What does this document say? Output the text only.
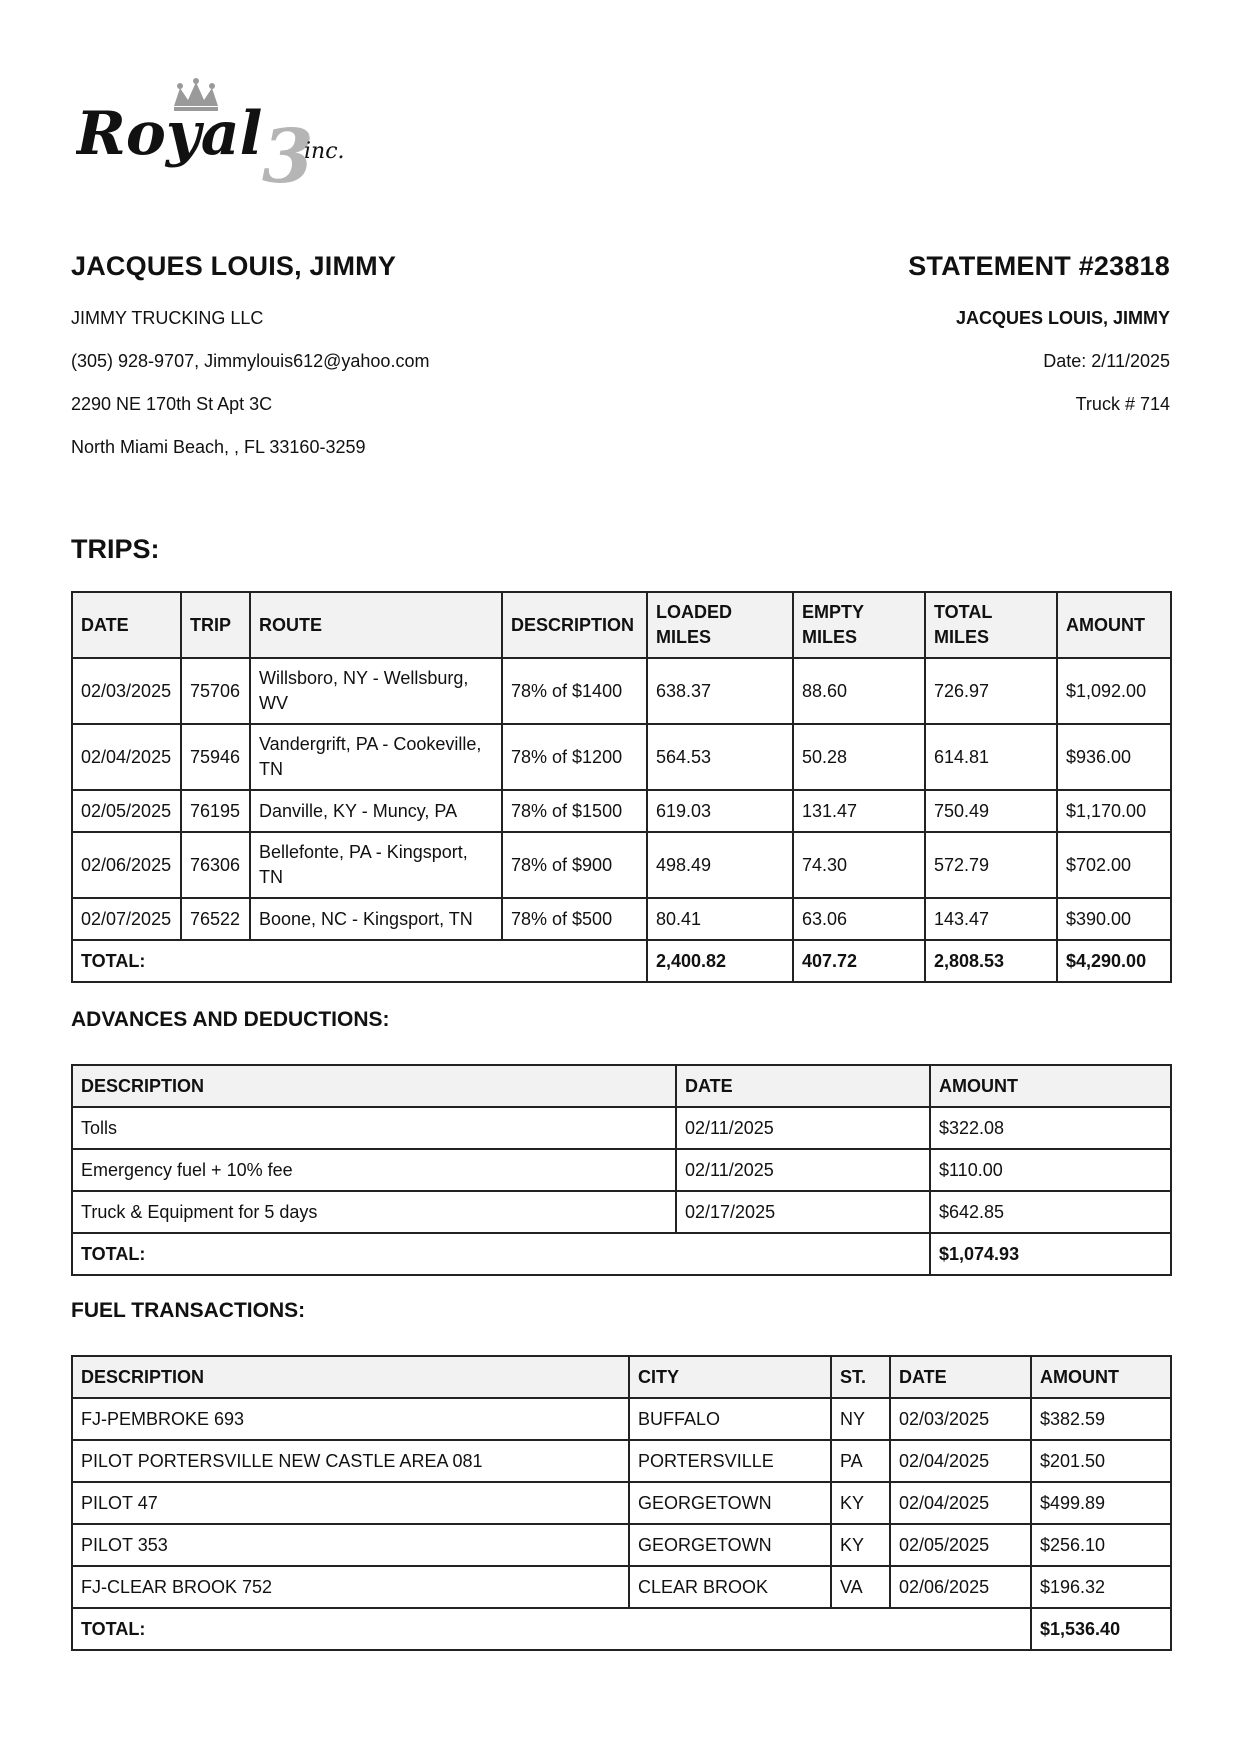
Royal 3
inc.
JACQUES LOUIS, JIMMY	STATEMENT #23818
JIMMY TRUCKING LLC
(305) 928-9707, Jimmylouis612@yahoo.com
2290 NE 170th St Apt 3C
North Miami Beach, , FL 33160-3259
JACQUES LOUIS, JIMMY
Date: 2/11/2025
Truck # 714
TRIPS:
DATE	TRIP	ROUTE	DESCRIPTION	LOADED MILES	EMPTY MILES	TOTAL MILES	AMOUNT
02/03/2025	75706	Willsboro, NY - Wellsburg, WV	78% of $1400	638.37	88.60	726.97	$1,092.00
02/04/2025	75946	Vandergrift, PA - Cookeville, TN	78% of $1200	564.53	50.28	614.81	$936.00
02/05/2025	76195	Danville, KY - Muncy, PA	78% of $1500	619.03	131.47	750.49	$1,170.00
02/06/2025	76306	Bellefonte, PA - Kingsport, TN	78% of $900	498.49	74.30	572.79	$702.00
02/07/2025	76522	Boone, NC - Kingsport, TN	78% of $500	80.41	63.06	143.47	$390.00
TOTAL:				2,400.82	407.72	2,808.53	$4,290.00
ADVANCES AND DEDUCTIONS:
DESCRIPTION	DATE	AMOUNT
Tolls	02/11/2025	$322.08
Emergency fuel + 10% fee	02/11/2025	$110.00
Truck & Equipment for 5 days	02/17/2025	$642.85
TOTAL:		$1,074.93
FUEL TRANSACTIONS:
DESCRIPTION	CITY	ST.	DATE	AMOUNT
FJ-PEMBROKE 693	BUFFALO	NY	02/03/2025	$382.59
PILOT PORTERSVILLE NEW CASTLE AREA 081	PORTERSVILLE	PA	02/04/2025	$201.50
PILOT 47	GEORGETOWN	KY	02/04/2025	$499.89
PILOT 353	GEORGETOWN	KY	02/05/2025	$256.10
FJ-CLEAR BROOK 752	CLEAR BROOK	VA	02/06/2025	$196.32
TOTAL:				$1,536.40
